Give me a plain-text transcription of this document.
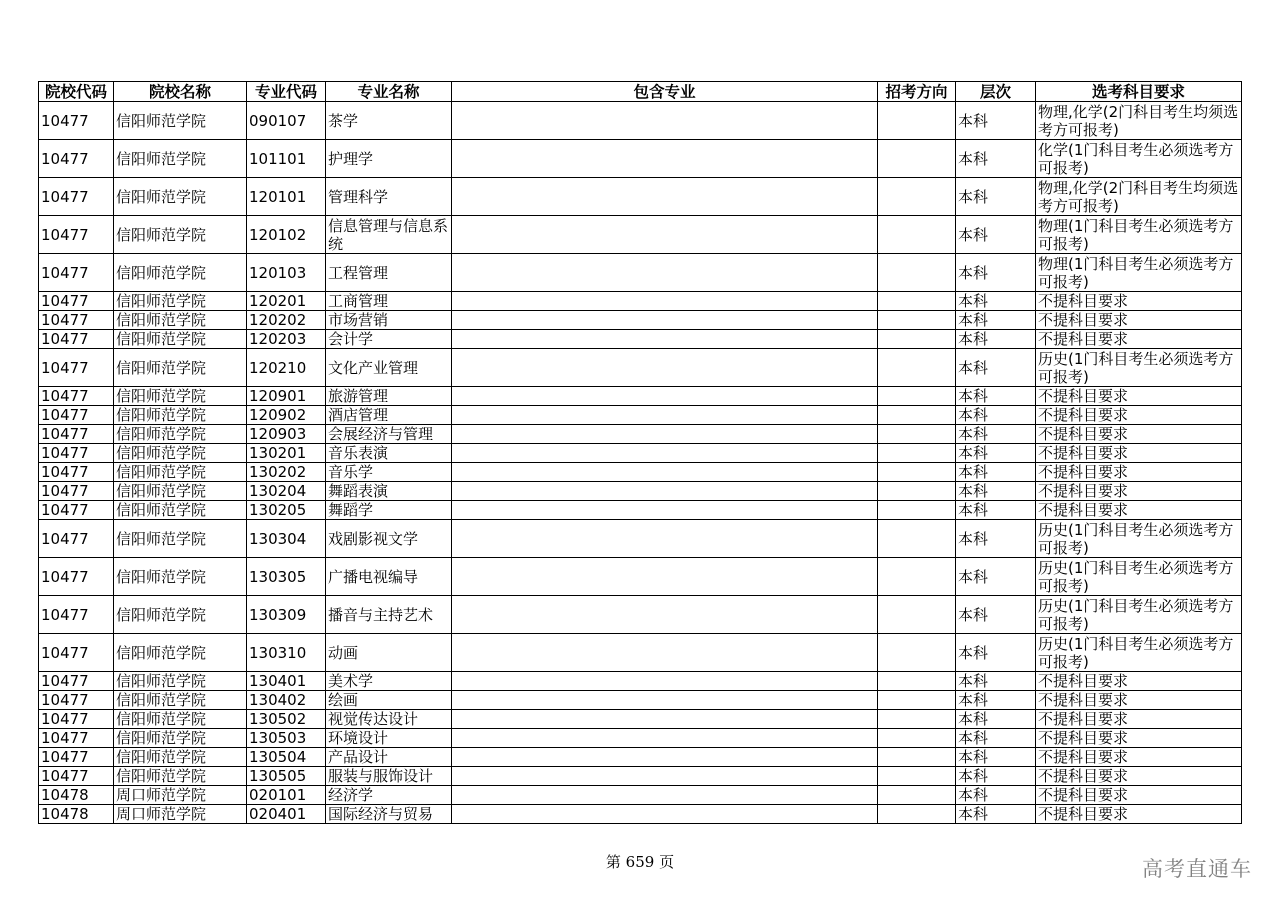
院校代码	院校名称	专业代码	专业名称	包含专业	招考方向	层次	选考科目要求
10477	信阳师范学院	090107	茶学			本科	物理,化学(2门科目考生均须选考方可报考)
10477	信阳师范学院	101101	护理学			本科	化学(1门科目考生必须选考方可报考)
10477	信阳师范学院	120101	管理科学			本科	物理,化学(2门科目考生均须选考方可报考)
10477	信阳师范学院	120102	信息管理与信息系统			本科	物理(1门科目考生必须选考方可报考)
10477	信阳师范学院	120103	工程管理			本科	物理(1门科目考生必须选考方可报考)
10477	信阳师范学院	120201	工商管理			本科	不提科目要求
10477	信阳师范学院	120202	市场营销			本科	不提科目要求
10477	信阳师范学院	120203	会计学			本科	不提科目要求
10477	信阳师范学院	120210	文化产业管理			本科	历史(1门科目考生必须选考方可报考)
10477	信阳师范学院	120901	旅游管理			本科	不提科目要求
10477	信阳师范学院	120902	酒店管理			本科	不提科目要求
10477	信阳师范学院	120903	会展经济与管理			本科	不提科目要求
10477	信阳师范学院	130201	音乐表演			本科	不提科目要求
10477	信阳师范学院	130202	音乐学			本科	不提科目要求
10477	信阳师范学院	130204	舞蹈表演			本科	不提科目要求
10477	信阳师范学院	130205	舞蹈学			本科	不提科目要求
10477	信阳师范学院	130304	戏剧影视文学			本科	历史(1门科目考生必须选考方可报考)
10477	信阳师范学院	130305	广播电视编导			本科	历史(1门科目考生必须选考方可报考)
10477	信阳师范学院	130309	播音与主持艺术			本科	历史(1门科目考生必须选考方可报考)
10477	信阳师范学院	130310	动画			本科	历史(1门科目考生必须选考方可报考)
10477	信阳师范学院	130401	美术学			本科	不提科目要求
10477	信阳师范学院	130402	绘画			本科	不提科目要求
10477	信阳师范学院	130502	视觉传达设计			本科	不提科目要求
10477	信阳师范学院	130503	环境设计			本科	不提科目要求
10477	信阳师范学院	130504	产品设计			本科	不提科目要求
10477	信阳师范学院	130505	服装与服饰设计			本科	不提科目要求
10478	周口师范学院	020101	经济学			本科	不提科目要求
10478	周口师范学院	020401	国际经济与贸易			本科	不提科目要求
第 659 页	高考直通车
